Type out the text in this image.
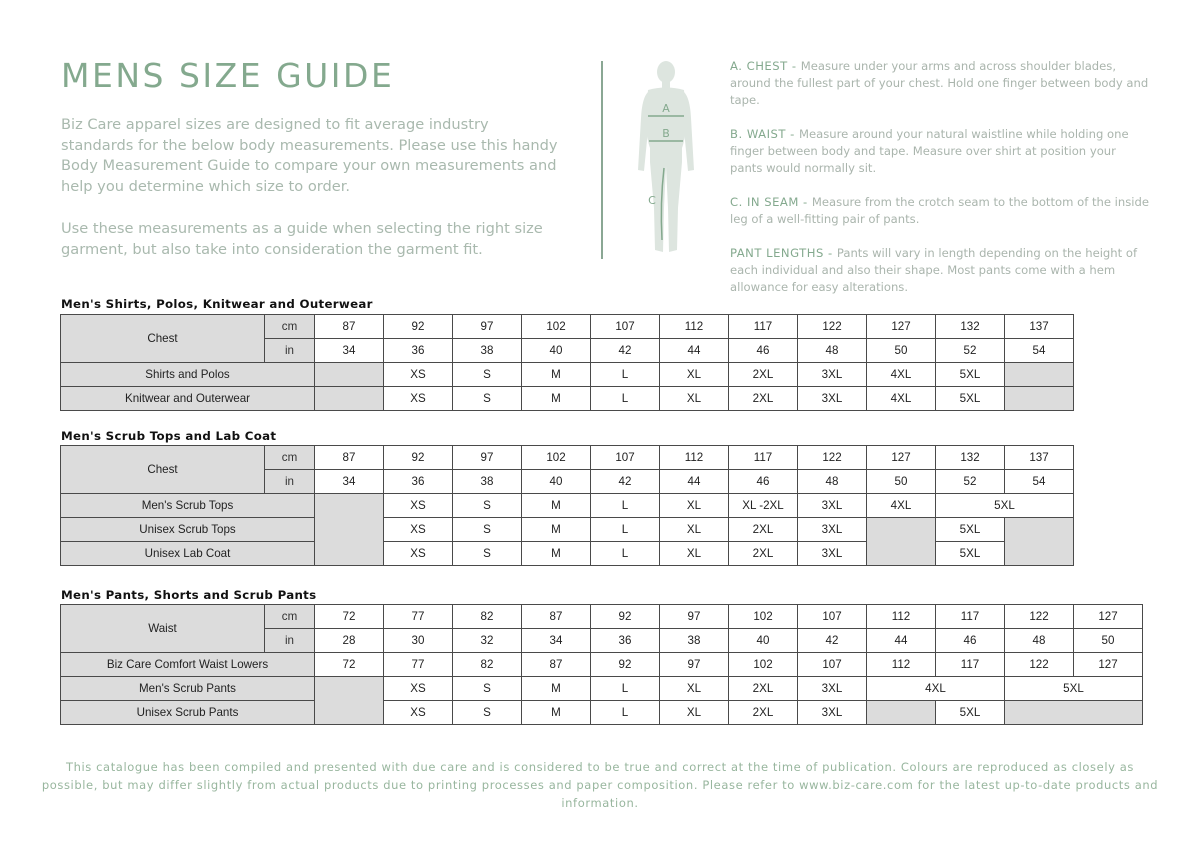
MENS SIZE GUIDE

Biz Care apparel sizes are designed to fit average industry standards for the below body measurements. Please use this handy Body Measurement Guide to compare your own measurements and help you determine which size to order.

Use these measurements as a guide when selecting the right size garment, but also take into consideration the garment fit.

A
B
C

A. CHEST - Measure under your arms and across shoulder blades, around the fullest part of your chest. Hold one finger between body and tape.

B. WAIST - Measure around your natural waistline while holding one finger between body and tape. Measure over shirt at position your pants would normally sit.

C. IN SEAM - Measure from the crotch seam to the bottom of the inside leg of a well-fitting pair of pants.

PANT LENGTHS - Pants will vary in length depending on the height of each individual and also their shape. Most pants come with a hem allowance for easy alterations.

Men's Shirts, Polos, Knitwear and Outerwear
Chest	cm	87	92	97	102	107	112	117	122	127	132	137
	in	34	36	38	40	42	44	46	48	50	52	54
Shirts and Polos			XS	S	M	L	XL	2XL	3XL	4XL	5XL	
Knitwear and Outerwear			XS	S	M	L	XL	2XL	3XL	4XL	5XL	
Men's Scrub Tops and Lab Coat
Chest	cm	87	92	97	102	107	112	117	122	127	132	137
	in	34	36	38	40	42	44	46	48	50	52	54
Men's Scrub Tops			XS	S	M	L	XL	XL -2XL	3XL	4XL	5XL	
Unisex Scrub Tops			XS	S	M	L	XL	2XL	3XL		5XL	
Unisex Lab Coat			XS	S	M	L	XL	2XL	3XL		5XL	
Men's Pants, Shorts and Scrub Pants
Waist	cm	72	77	82	87	92	97	102	107	112	117	122	127
	in	28	30	32	34	36	38	40	42	44	46	48	50
Biz Care Comfort Waist Lowers		72	77	82	87	92	97	102	107	112	117	122	127
Men's Scrub Pants			XS	S	M	L	XL	2XL	3XL	4XL		5XL	
Unisex Scrub Pants			XS	S	M	L	XL	2XL	3XL		5XL		

This catalogue has been compiled and presented with due care and is considered to be true and correct at the time of publication. Colours are reproduced as closely as possible, but may differ slightly from actual products due to printing processes and paper composition. Please refer to www.biz-care.com for the latest up-to-date products and information.
